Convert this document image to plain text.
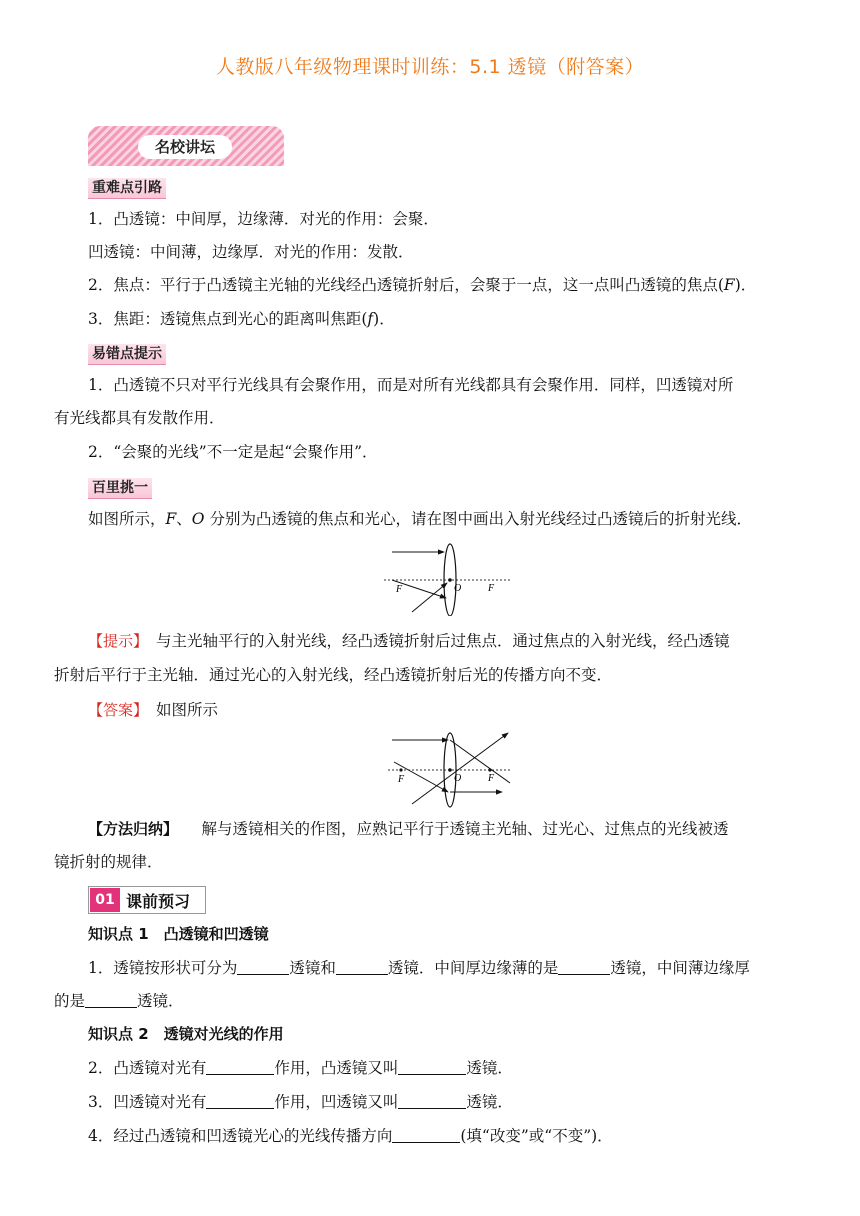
人教版八年级物理课时训练：5.1 透镜（附答案）
名校讲坛
重难点引路
1．凸透镜：中间厚，边缘薄．对光的作用：会聚．
凹透镜：中间薄，边缘厚．对光的作用：发散．
2．焦点：平行于凸透镜主光轴的光线经凸透镜折射后，会聚于一点，这一点叫凸透镜的焦点(F)．
3．焦距：透镜焦点到光心的距离叫焦距(f)．
易错点提示
1．凸透镜不只对平行光线具有会聚作用，而是对所有光线都具有会聚作用．同样，凹透镜对所
有光线都具有发散作用．
2．“会聚的光线”不一定是起“会聚作用”．
百里挑一
如图所示，F、O 分别为凸透镜的焦点和光心，请在图中画出入射光线经过凸透镜后的折射光线．
F	O	F
【提示】　 与主光轴平行的入射光线，经凸透镜折射后过焦点．通过焦点的入射光线，经凸透镜
折射后平行于主光轴．通过光心的入射光线，经凸透镜折射后光的传播方向不变．
【答案】　 如图所示
F	O	F
【方法归纳】　　 解与透镜相关的作图，应熟记平行于透镜主光轴、过光心、过焦点的光线被透
镜折射的规律．
01 课前预习
知识点 1　凸透镜和凹透镜
1．透镜按形状可分为	透镜和	透镜．中间厚边缘薄的是	透镜，中间薄边缘厚
的是	透镜．
知识点 2　透镜对光线的作用
2．凸透镜对光有	作用，凸透镜又叫	透镜．
3．凹透镜对光有	作用，凹透镜又叫	透镜．
4．经过凸透镜和凹透镜光心的光线传播方向	(填“改变”或“不变”)．
